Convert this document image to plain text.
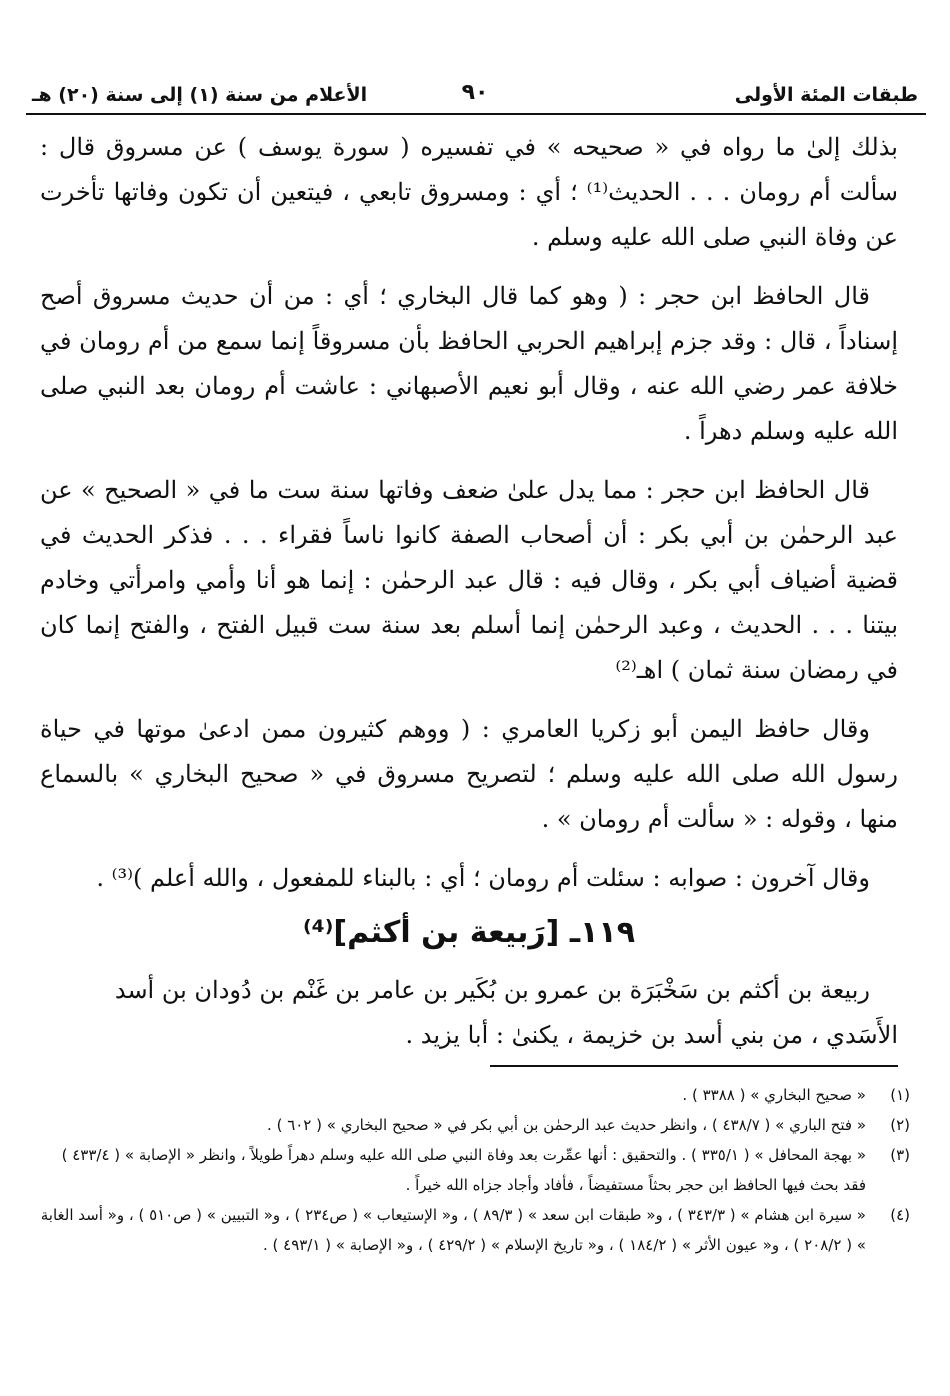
طبقات المئة الأولى
٩٠
الأعلام من سنة (١) إلى سنة (٢٠) هـ

بذلك إلىٰ ما رواه في « صحيحه » في تفسيره ( سورة يوسف ) عن مسروق قال : سألت أم رومان . . . الحديث⁽¹⁾ ؛ أي : ومسروق تابعي ، فيتعين أن تكون وفاتها تأخرت عن وفاة النبي صلى الله عليه وسلم .

قال الحافظ ابن حجر : ( وهو كما قال البخاري ؛ أي : من أن حديث مسروق أصح إسناداً ، قال : وقد جزم إبراهيم الحربي الحافظ بأن مسروقاً إنما سمع من أم رومان في خلافة عمر رضي الله عنه ، وقال أبو نعيم الأصبهاني : عاشت أم رومان بعد النبي صلى الله عليه وسلم دهراً .

قال الحافظ ابن حجر : مما يدل علىٰ ضعف وفاتها سنة ست ما في « الصحيح » عن عبد الرحمٰن بن أبي بكر : أن أصحاب الصفة كانوا ناساً فقراء . . . فذكر الحديث في قضية أضياف أبي بكر ، وقال فيه : قال عبد الرحمٰن : إنما هو أنا وأمي وامرأتي وخادم بيتنا . . . الحديث ، وعبد الرحمٰن إنما أسلم بعد سنة ست قبيل الفتح ، والفتح إنما كان في رمضان سنة ثمان ) اهـ⁽²⁾

وقال حافظ اليمن أبو زكريا العامري : ( ووهم كثيرون ممن ادعىٰ موتها في حياة رسول الله صلى الله عليه وسلم ؛ لتصريح مسروق في « صحيح البخاري » بالسماع منها ، وقوله : « سألت أم رومان » .

وقال آخرون : صوابه : سئلت أم رومان ؛ أي : بالبناء للمفعول ، والله أعلم )⁽³⁾ .

١١٩ـ [رَبيعة بن أكثم]⁽⁴⁾

ربيعة بن أكثم بن سَخْبَرَة بن عمرو بن بُكَير بن عامر بن غَنْم بن دُودان بن أسد الأَسَدي ، من بني أسد بن خزيمة ، يكنىٰ : أبا يزيد .

(١)
« صحيح البخاري » ( ٣٣٨٨ ) .
(٢)
« فتح الباري » ( ٤٣٨/٧ ) ، وانظر حديث عبد الرحمٰن بن أبي بكر في « صحيح البخاري » ( ٦٠٢ ) .
(٣)
« بهجة المحافل » ( ٣٣٥/١ ) . والتحقيق : أنها عمِّرت بعد وفاة النبي صلى الله عليه وسلم دهراً طويلاً ، وانظر « الإصابة » ( ٤٣٣/٤ ) فقد بحث فيها الحافظ ابن حجر بحثاً مستفيضاً ، فأفاد وأجاد جزاه الله خيراً .
(٤)
« سيرة ابن هشام » ( ٣٤٣/٣ ) ، و« طبقات ابن سعد » ( ٨٩/٣ ) ، و« الإستيعاب » ( ص٢٣٤ ) ، و« التبيين » ( ص٥١٠ ) ، و« أسد الغابة » ( ٢٠٨/٢ ) ، و« عيون الأثر » ( ١٨٤/٢ ) ، و« تاريخ الإسلام » ( ٤٢٩/٢ ) ، و« الإصابة » ( ٤٩٣/١ ) .
